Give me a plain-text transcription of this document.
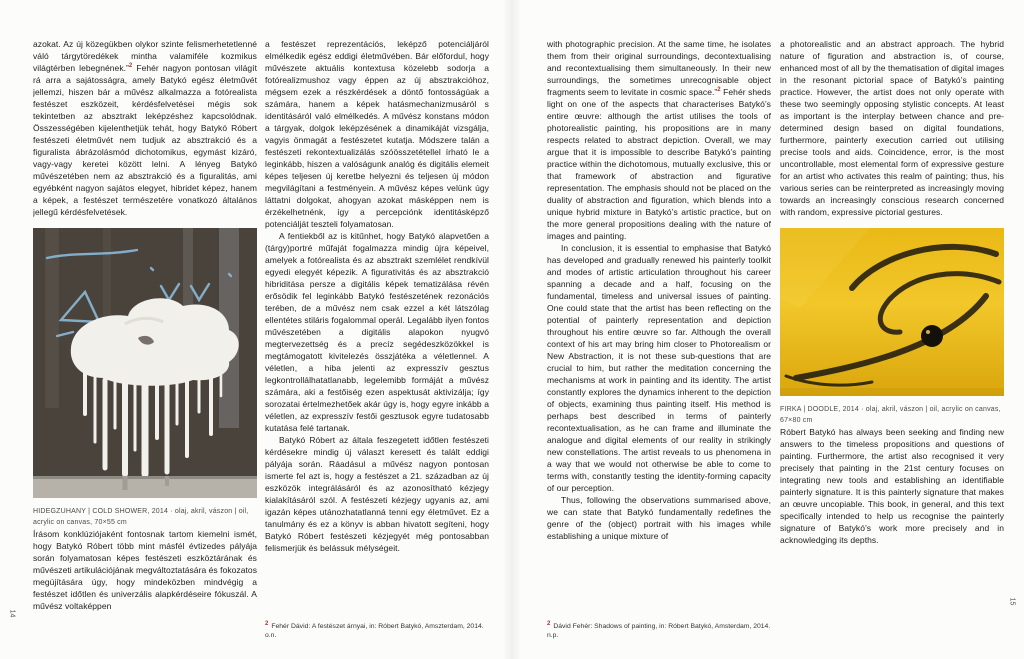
azokat. Az új közegükben olykor szinte felismerhetetlenné váló tárgytöredékek mintha valamiféle kozmikus világtérben lebegnének.”$^2$ Fehér nagyon pontosan világít rá arra a sajátosságra, amely Batykó egész életművét jellemzi, hiszen bár a művész alkalmazza a fotórealista festészet eszközeit, kérdésfelvetései mégis sok tekintetben az absztrakt leképzéshez kapcsolódnak. Összességében kijelenthetjük tehát, hogy Batykó Róbert festészeti életművét nem tudjuk az absztrakció és a figuralista ábrázolásmód dichotomikus, egymást kizáró, vagy-vagy keretei között lelni. A lényeg Batykó művészetében nem az absztrakció és a figuralitás, ami egyébként nagyon sajátos elegyet, hibridet képez, hanem a képek, a festészet természetére vonatkozó általános jellegű kérdésfelvetések.

HIDEGZUHANY | COLD SHOWER, 2014 · olaj, akril, vászon | oil, acrylic on canvas, 70×55 cm

Írásom konklúziójaként fontosnak tartom kiemelni ismét, hogy Batykó Róbert több mint másfél évtizedes pályája során folyamatosan képes festészeti eszköztárának és művészeti artikulációjának megváltoztatására és fokozatos megújítására úgy, hogy mindeközben mindvégig a festészet időtlen és univerzális alapkérdéseire fókuszál. A művész voltaképpen

a festészet reprezentációs, leképző potenciáljáról elmélkedik egész eddigi életművében. Bár előfordul, hogy művészete aktuális kontextusa közelebb sodorja a fotórealizmushoz vagy éppen az új absztrakcióhoz, mégsem ezek a részkérdések a döntő fontosságúak a számára, hanem a képek hatásmechanizmusáról s identitásáról való elmélkedés. A művész konstans módon a tárgyak, dolgok leképzésének a dinamikáját vizsgálja, vagyis önmagát a festészetet kutatja. Módszere talán a festészeti rekontextualizálás szóösszetétellel írható le a leginkább, hiszen a valóságunk analóg és digitális elemeit képes teljesen új keretbe helyezni és teljesen új módon megvilágítani a festményein. A művész képes velünk úgy láttatni dolgokat, ahogyan azokat másképpen nem is érzékelhetnénk, így a percepciónk identitásképző potenciálját teszteli folyamatosan.

A fentiekből az is kitűnhet, hogy Batykó alapvetően a (tárgy)portré műfaját fogalmazza mindig újra képeivel, amelyek a fotórealista és az absztrakt szemlélet rendkívül egyedi elegyét képezik. A figurativitás és az absztrakció hibriditása persze a digitális képek tematizálása révén erősödik fel leginkább Batykó festészetének rezonációs terében, de a művész nem csak ezzel a két látszólag ellentétes stiláris fogalommal operál. Legalább ilyen fontos művészetében a digitális alapokon nyugvó megtervezettség és a precíz segédeszközökkel is megtámogatott kivitelezés összjátéka a véletlennel. A véletlen, a hiba jelenti az expresszív gesztus legkontrollálhatatlanabb, legelemibb formáját a művész számára, aki a festőiség ezen aspektusát aktivizálja; így sorozatai értelmezhetőek akár úgy is, hogy egyre inkább a véletlen, az expresszív festői gesztusok egyre tudatosabb kutatása felé tartanak.

Batykó Róbert az általa feszegetett időtlen festészeti kérdésekre mindig új választ keresett és talált eddigi pályája során. Ráadásul a művész nagyon pontosan ismerte fel azt is, hogy a festészet a 21. században az új eszközök integrálásáról és az azonosítható kézjegy kialakításáról szól. A festészeti kézjegy ugyanis az, ami igazán képes utánozhatatlanná tenni egy életművet. Ez a tanulmány és ez a könyv is abban hivatott segíteni, hogy Batykó Róbert festészeti kézjegyét még pontosabban felismerjük és belássuk mélységeit.

$^2$ Fehér Dávid: A festészet árnyai, in: Róbert Batykó, Amszterdam, 2014. o.n.

with photographic precision. At the same time, he isolates them from their original surroundings, decontextualising and recontextualising them simultaneously. In their new surroundings, the sometimes unrecognisable object fragments seem to levitate in cosmic space.”$^2$ Fehér sheds light on one of the aspects that characterises Batykó’s entire œuvre: although the artist utilises the tools of photorealistic painting, his propositions are in many respects related to abstract depiction. Overall, we may argue that it is impossible to describe Batykó’s painting practice within the dichotomous, mutually exclusive, this or that framework of abstraction and figurative representation. The emphasis should not be placed on the duality of abstraction and figuration, which blends into a unique hybrid mixture in Batykó’s artistic practice, but on the more general propositions dealing with the nature of images and painting.

In conclusion, it is essential to emphasise that Batykó has developed and gradually renewed his painterly toolkit and modes of artistic articulation throughout his career spanning a decade and a half, focusing on the fundamental, timeless and universal issues of painting. One could state that the artist has been reflecting on the potential of painterly representation and depiction throughout his entire œuvre so far. Although the overall context of his art may bring him closer to Photorealism or New Abstraction, it is not these sub-questions that are crucial to him, but rather the meditation concerning the mechanisms at work in painting and its identity. The artist constantly explores the dynamics inherent to the depiction of objects, examining thus painting itself. His method is perhaps best described in terms of painterly recontextualisation, as he can frame and illuminate the analogue and digital elements of our reality in strikingly new constellations. The artist reveals to us phenomena in a way that we would not otherwise be able to come to terms with, constantly testing the identity-forming capacity of our perception.

Thus, following the observations summarised above, we can state that Batykó fundamentally redefines the genre of the (object) portrait with his images while establishing a unique mixture of

$^2$ Dávid Fehér: Shadows of painting, in: Róbert Batykó, Amsterdam, 2014. n.p.

a photorealistic and an abstract approach. The hybrid nature of figuration and abstraction is, of course, enhanced most of all by the thematisation of digital images in the resonant pictorial space of Batykó’s painting practice. However, the artist does not only operate with these two seemingly opposing stylistic concepts. At least as important is the interplay between chance and pre-determined design based on digital foundations, furthermore, painterly execution carried out utilising precise tools and aids. Coincidence, error, is the most uncontrollable, most elemental form of expressive gesture for an artist who activates this realm of painting; thus, his various series can be reinterpreted as increasingly moving towards an increasingly conscious research concerned with random, expressive pictorial gestures.

FIRKA | DOODLE, 2014 · olaj, akril, vászon | oil, acrylic on canvas, 67×80 cm

Róbert Batykó has always been seeking and finding new answers to the timeless propositions and questions of painting. Furthermore, the artist also recognised it very precisely that painting in the 21st century focuses on integrating new tools and establishing an identifiable painterly signature. It is this painterly signature that makes an œuvre uncopiable. This book, in general, and this text specifically intended to help us recognise the painterly signature of Batykó’s work more precisely and in acknowledging its depths.

14
15
